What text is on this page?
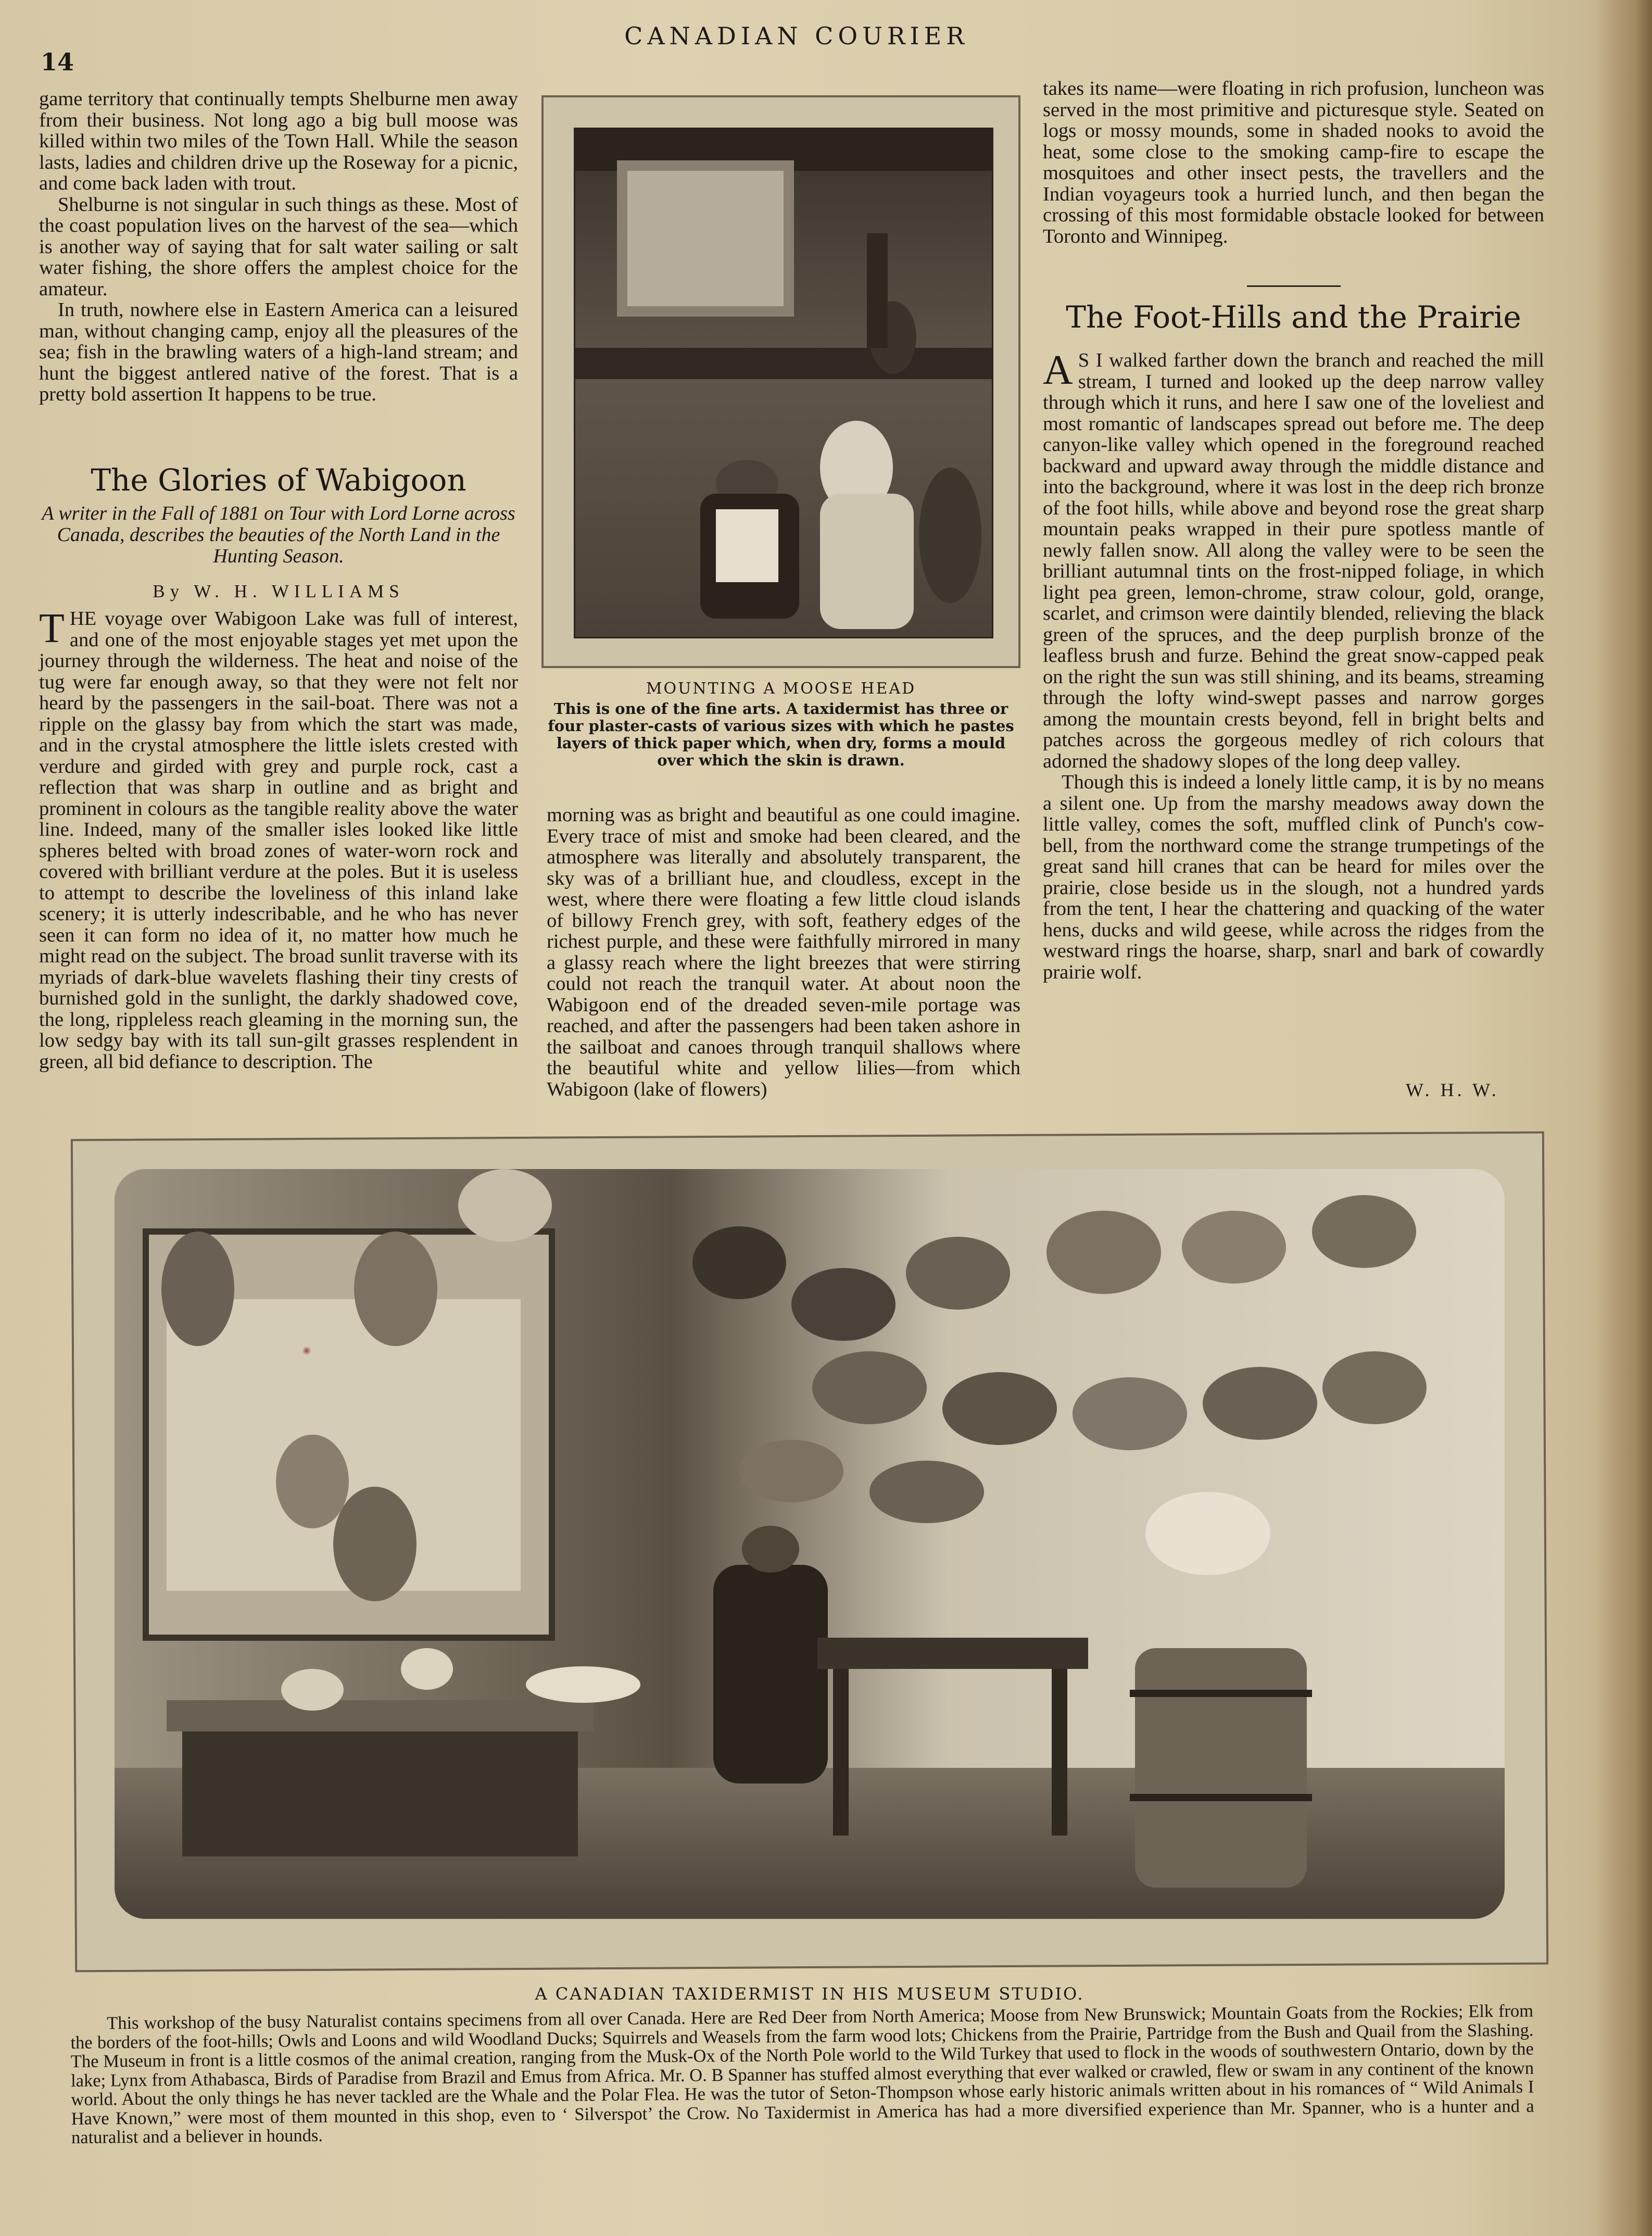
14
CANADIAN COURIER

game territory that continually tempts Shelburne men away from their business. Not long ago a big bull moose was killed within two miles of the Town Hall. While the season lasts, ladies and children drive up the Roseway for a picnic, and come back laden with trout.

Shelburne is not singular in such things as these. Most of the coast population lives on the harvest of the sea—which is another way of saying that for salt water sailing or salt water fishing, the shore offers the amplest choice for the amateur.

In truth, nowhere else in Eastern America can a leisured man, without changing camp, enjoy all the pleasures of the sea; fish in the brawling waters of a high-land stream; and hunt the biggest antlered native of the forest. That is a pretty bold assertion It happens to be true.

The Glories of Wabigoon
A writer in the Fall of 1881 on Tour with Lord Lorne across Canada, describes the beauties of the North Land in the Hunting Season.
By W. H. WILLIAMS
T HE voyage over Wabigoon Lake was full of interest, and one of the most enjoyable stages yet met upon the journey through the wilderness. The heat and noise of the tug were far enough away, so that they were not felt nor heard by the passengers in the sail-boat. There was not a ripple on the glassy bay from which the start was made, and in the crystal atmosphere the little islets crested with verdure and girded with grey and purple rock, cast a reflection that was sharp in outline and as bright and prominent in colours as the tangible reality above the water line. Indeed, many of the smaller isles looked like little spheres belted with broad zones of water-worn rock and covered with brilliant verdure at the poles. But it is useless to attempt to describe the loveliness of this inland lake scenery; it is utterly indescribable, and he who has never seen it can form no idea of it, no matter how much he might read on the subject. The broad sunlit traverse with its myriads of dark-blue wavelets flashing their tiny crests of burnished gold in the sunlight, the darkly shadowed cove, the long, rippleless reach gleaming in the morning sun, the low sedgy bay with its tall sun-gilt grasses resplendent in green, all bid defiance to description. The

MOUNTING A MOOSE HEAD
This is one of the fine arts. A taxidermist has three or four plaster-casts of various sizes with which he pastes layers of thick paper which, when dry, forms a mould over which the skin is drawn.

morning was as bright and beautiful as one could imagine. Every trace of mist and smoke had been cleared, and the atmosphere was literally and absolutely transparent, the sky was of a brilliant hue, and cloudless, except in the west, where there were floating a few little cloud islands of billowy French grey, with soft, feathery edges of the richest purple, and these were faithfully mirrored in many a glassy reach where the light breezes that were stirring could not reach the tranquil water. At about noon the Wabigoon end of the dreaded seven-mile portage was reached, and after the passengers had been taken ashore in the sailboat and canoes through tranquil shallows where the beautiful white and yellow lilies—from which Wabigoon (lake of flowers)

takes its name—were floating in rich profusion, luncheon was served in the most primitive and picturesque style. Seated on logs or mossy mounds, some in shaded nooks to avoid the heat, some close to the smoking camp-fire to escape the mosquitoes and other insect pests, the travellers and the Indian voyageurs took a hurried lunch, and then began the crossing of this most formidable obstacle looked for between Toronto and Winnipeg.

The Foot-Hills and the Prairie
A S I walked farther down the branch and reached the mill stream, I turned and looked up the deep narrow valley through which it runs, and here I saw one of the loveliest and most romantic of landscapes spread out before me. The deep canyon-like valley which opened in the foreground reached backward and upward away through the middle distance and into the background, where it was lost in the deep rich bronze of the foot hills, while above and beyond rose the great sharp mountain peaks wrapped in their pure spotless mantle of newly fallen snow. All along the valley were to be seen the brilliant autumnal tints on the frost-nipped foliage, in which light pea green, lemon-chrome, straw colour, gold, orange, scarlet, and crimson were daintily blended, relieving the black green of the spruces, and the deep purplish bronze of the leafless brush and furze. Behind the great snow-capped peak on the right the sun was still shining, and its beams, streaming through the lofty wind-swept passes and narrow gorges among the mountain crests beyond, fell in bright belts and patches across the gorgeous medley of rich colours that adorned the shadowy slopes of the long deep valley.

Though this is indeed a lonely little camp, it is by no means a silent one. Up from the marshy meadows away down the little valley, comes the soft, muffled clink of Punch's cow-bell, from the northward come the strange trumpetings of the great sand hill cranes that can be heard for miles over the prairie, close beside us in the slough, not a hundred yards from the tent, I hear the chattering and quacking of the water hens, ducks and wild geese, while across the ridges from the westward rings the hoarse, sharp, snarl and bark of cowardly prairie wolf.

W. H. W.
A CANADIAN TAXIDERMIST IN HIS MUSEUM STUDIO.

This workshop of the busy Naturalist contains specimens from all over Canada. Here are Red Deer from North America; Moose from New Brunswick; Mountain Goats from the Rockies; Elk from the borders of the foot-hills; Owls and Loons and wild Woodland Ducks; Squirrels and Weasels from the farm wood lots; Chickens from the Prairie, Partridge from the Bush and Quail from the Slashing. The Museum in front is a little cosmos of the animal creation, ranging from the Musk-Ox of the North Pole world to the Wild Turkey that used to flock in the woods of southwestern Ontario, down by the lake; Lynx from Athabasca, Birds of Paradise from Brazil and Emus from Africa. Mr. O. B Spanner has stuffed almost everything that ever walked or crawled, flew or swam in any continent of the known world. About the only things he has never tackled are the Whale and the Polar Flea. He was the tutor of Seton-Thompson whose early historic animals written about in his romances of “ Wild Animals I Have Known,” were most of them mounted in this shop, even to ‘ Silverspot’ the Crow. No Taxidermist in America has had a more diversified experience than Mr. Spanner, who is a hunter and a naturalist and a believer in hounds.
